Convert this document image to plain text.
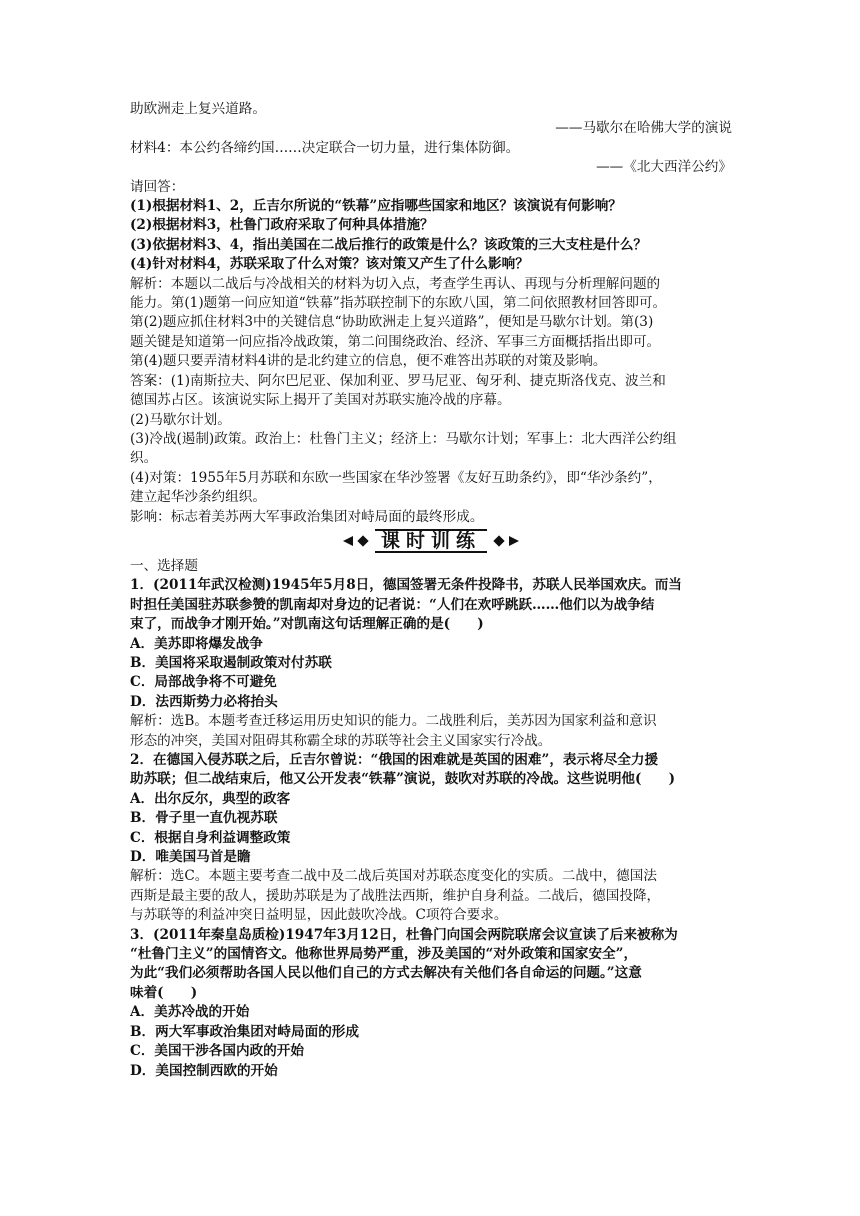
助欧洲走上复兴道路。
——马歇尔在哈佛大学的演说
材料4：本公约各缔约国……决定联合一切力量，进行集体防御。
——《北大西洋公约》
请回答：
(1)根据材料1、2，丘吉尔所说的“铁幕”应指哪些国家和地区？该演说有何影响？
(2)根据材料3，杜鲁门政府采取了何种具体措施？
(3)依据材料3、4，指出美国在二战后推行的政策是什么？该政策的三大支柱是什么？
(4)针对材料4，苏联采取了什么对策？该对策又产生了什么影响？
解析：本题以二战后与冷战相关的材料为切入点，考查学生再认、再现与分析理解问题的
能力。第(1)题第一问应知道“铁幕”指苏联控制下的东欧八国，第二问依照教材回答即可。
第(2)题应抓住材料3中的关键信息“协助欧洲走上复兴道路”，便知是马歇尔计划。第(3)
题关键是知道第一问应指冷战政策，第二问围绕政治、经济、军事三方面概括指出即可。
第(4)题只要弄清材料4讲的是北约建立的信息，便不难答出苏联的对策及影响。
答案：(1)南斯拉夫、阿尔巴尼亚、保加利亚、罗马尼亚、匈牙利、捷克斯洛伐克、波兰和
德国苏占区。该演说实际上揭开了美国对苏联实施冷战的序幕。
(2)马歇尔计划。
(3)冷战(遏制)政策。政治上：杜鲁门主义；经济上：马歇尔计划；军事上：北大西洋公约组
织。
(4)对策：1955年5月苏联和东欧一些国家在华沙签署《友好互助条约》，即“华沙条约”，
建立起华沙条约组织。
影响：标志着美苏两大军事政治集团对峙局面的最终形成。
课时训练
一、选择题
1．(2011年武汉检测)1945年5月8日，德国签署无条件投降书，苏联人民举国欢庆。而当
时担任美国驻苏联参赞的凯南却对身边的记者说：“人们在欢呼跳跃……他们以为战争结
束了，而战争才刚开始。”对凯南这句话理解正确的是(　　)
A．美苏即将爆发战争
B．美国将采取遏制政策对付苏联
C．局部战争将不可避免
D．法西斯势力必将抬头
解析：选B。本题考查迁移运用历史知识的能力。二战胜利后，美苏因为国家利益和意识
形态的冲突，美国对阻碍其称霸全球的苏联等社会主义国家实行冷战。
2．在德国入侵苏联之后，丘吉尔曾说：“俄国的困难就是英国的困难”，表示将尽全力援
助苏联；但二战结束后，他又公开发表“铁幕”演说，鼓吹对苏联的冷战。这些说明他(　　)
A．出尔反尔，典型的政客
B．骨子里一直仇视苏联
C．根据自身利益调整政策
D．唯美国马首是瞻
解析：选C。本题主要考查二战中及二战后英国对苏联态度变化的实质。二战中，德国法
西斯是最主要的敌人，援助苏联是为了战胜法西斯，维护自身利益。二战后，德国投降，
与苏联等的利益冲突日益明显，因此鼓吹冷战。C项符合要求。
3．(2011年秦皇岛质检)1947年3月12日，杜鲁门向国会两院联席会议宣读了后来被称为
“杜鲁门主义”的国情咨文。他称世界局势严重，涉及美国的“对外政策和国家安全”，
为此“我们必须帮助各国人民以他们自己的方式去解决有关他们各自命运的问题。”这意
味着(　　)
A．美苏冷战的开始
B．两大军事政治集团对峙局面的形成
C．美国干涉各国内政的开始
D．美国控制西欧的开始
